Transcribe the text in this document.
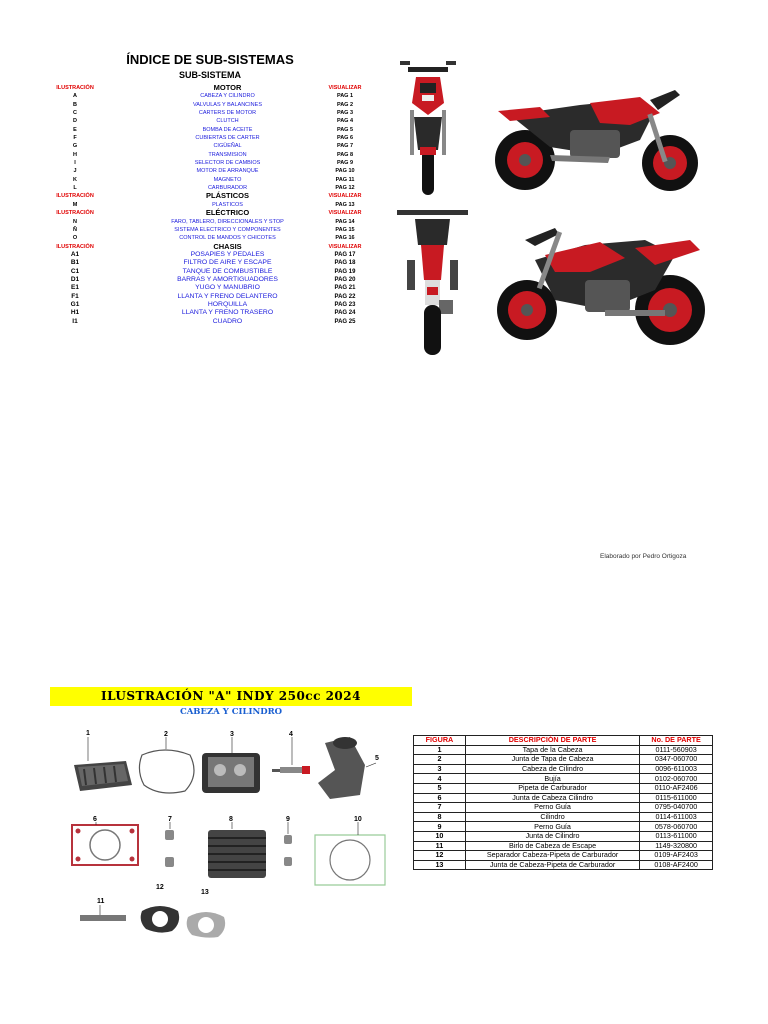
ÍNDICE DE SUB-SISTEMAS
SUB-SISTEMA
ILUSTRACIÓN	MOTOR	VISUALIZAR
A	CABEZA Y CILINDRO	PAG 1
B	VALVULAS Y BALANCINES	PAG 2
C	CARTERS DE MOTOR	PAG 3
D	CLUTCH	PAG 4
E	BOMBA DE ACEITE	PAG 5
F	CUBIERTAS DE CARTER	PAG 6
G	CIGÜEÑAL	PAG 7
H	TRANSMISION	PAG 8
I	SELECTOR DE CAMBIOS	PAG 9
J	MOTOR DE ARRANQUE	PAG 10
K	MAGNETO	PAG 11
L	CARBURADOR	PAG 12
ILUSTRACIÓN	PLÁSTICOS	VISUALIZAR
M	PLASTICOS	PAG 13
ILUSTRACIÓN	ELÉCTRICO	VISUALIZAR
N	FARO, TABLERO, DIRECCIONALES Y STOP	PAG 14
Ñ	SISTEMA ELECTRICO Y COMPONENTES	PAG 15
O	CONTROL DE MANDOS Y CHICOTES	PAG 16
ILUSTRACIÓN	CHASIS	VISUALIZAR
A1	POSAPIES Y PEDALES	PAG 17
B1	FILTRO DE AIRE Y ESCAPE	PAG 18
C1	TANQUE DE COMBUSTIBLE	PAG 19
D1	BARRAS Y AMORTIGUADORES	PAG 20
E1	YUGO Y MANUBRIO	PAG 21
F1	LLANTA Y FRENO DELANTERO	PAG 22
G1	HORQUILLA	PAG 23
H1	LLANTA Y FRENO TRASERO	PAG 24
I1	CUADRO	PAG 25
Elaborado por Pedro Ortigoza
ILUSTRACIÓN "A" INDY 250cc 2024
CABEZA Y CILINDRO
1	2	3	4
5
6	7	8	9	10
11
12
13
FIGURA	DESCRIPCIÓN DE PARTE	No. DE PARTE
1	Tapa de la Cabeza	0111-560903
2	Junta de Tapa de Cabeza	0347-060700
3	Cabeza de Cilindro	0096-611003
4	Bujía	0102-060700
5	Pipeta de Carburador	0110-AF2406
6	Junta de Cabeza Cilindro	0115-611000
7	Perno Guía	0795-040700
8	Cilindro	0114-611003
9	Perno Guía	0578-060700
10	Junta de Cilindro	0113-611000
11	Birlo de Cabeza de Escape	1149-320800
12	Separador Cabeza-Pipeta de Carburador	0109-AF2403
13	Junta de Cabeza-Pipeta de Carburador	0108-AF2400
